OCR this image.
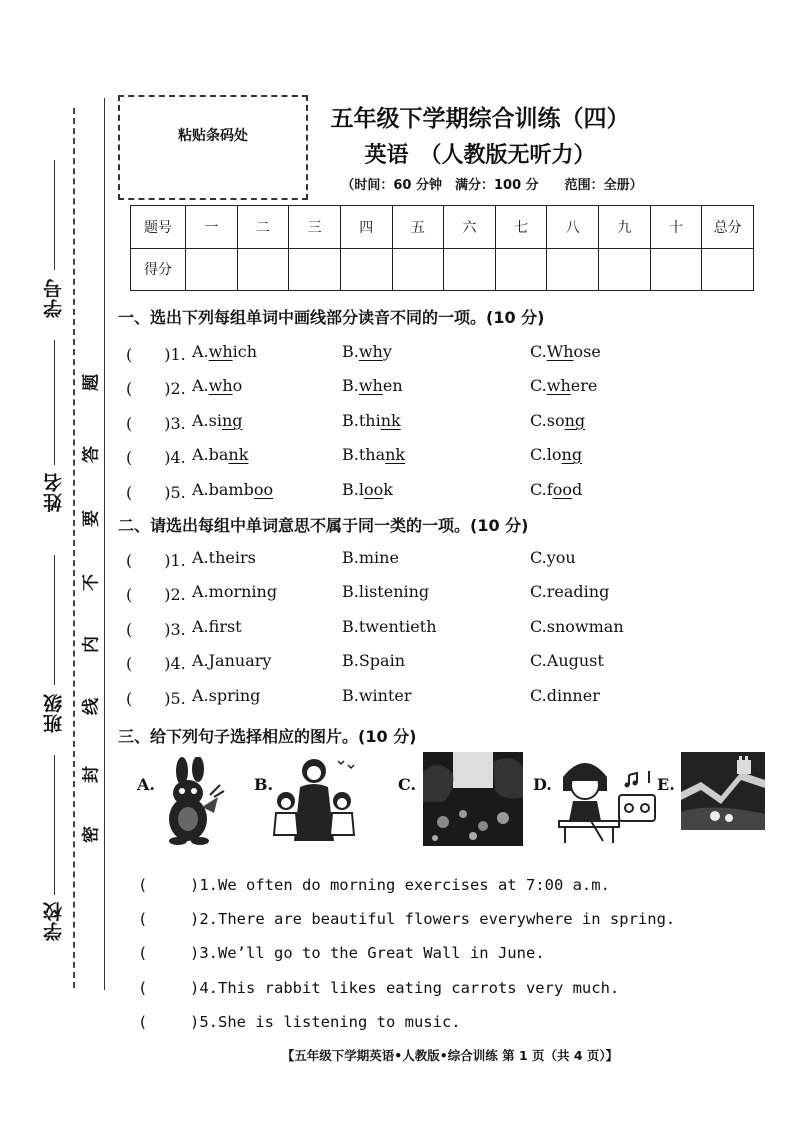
学号
姓名
班级
学校
题
答
要
不
内
线
封
密
粘贴条码处
五年级下学期综合训练（四）
英语　（人教版无听力）
（时间：60 分钟　满分：100 分　　范围：全册）
题号	一	二	三	四	五	六	七	八	九	十	总分
得分											
一、选出下列每组单词中画线部分读音不同的一项。(10 分)
(　　)1. A.which	B.why	C.Whose
(　　)2. A.who	B.when	C.where
(　　)3. A.sing	B.think	C.song
(　　)4. A.bank	B.thank	C.long
(　　)5. A.bamboo	B.look	C.food
二、请选出每组中单词意思不属于同一类的一项。(10 分)
(　　)1. A.theirs	B.mine	C.you
(　　)2. A.morning	B.listening	C.reading
(　　)3. A.first	B.twentieth	C.snowman
(　　)4. A.January	B.Spain	C.August
(　　)5. A.spring	B.winter	C.dinner
三、给下列句子选择相应的图片。(10 分)
A.	B.	C.	D.	E.
(	)1.We often do morning exercises at 7:00 a.m.
(	)2.There are beautiful flowers everywhere in spring.
(	)3.We’ll go to the Great Wall in June.
(	)4.This rabbit likes eating carrots very much.
(	)5.She is listening to music.
【五年级下学期英语•人教版•综合训练 第 1 页（共 4 页）】
